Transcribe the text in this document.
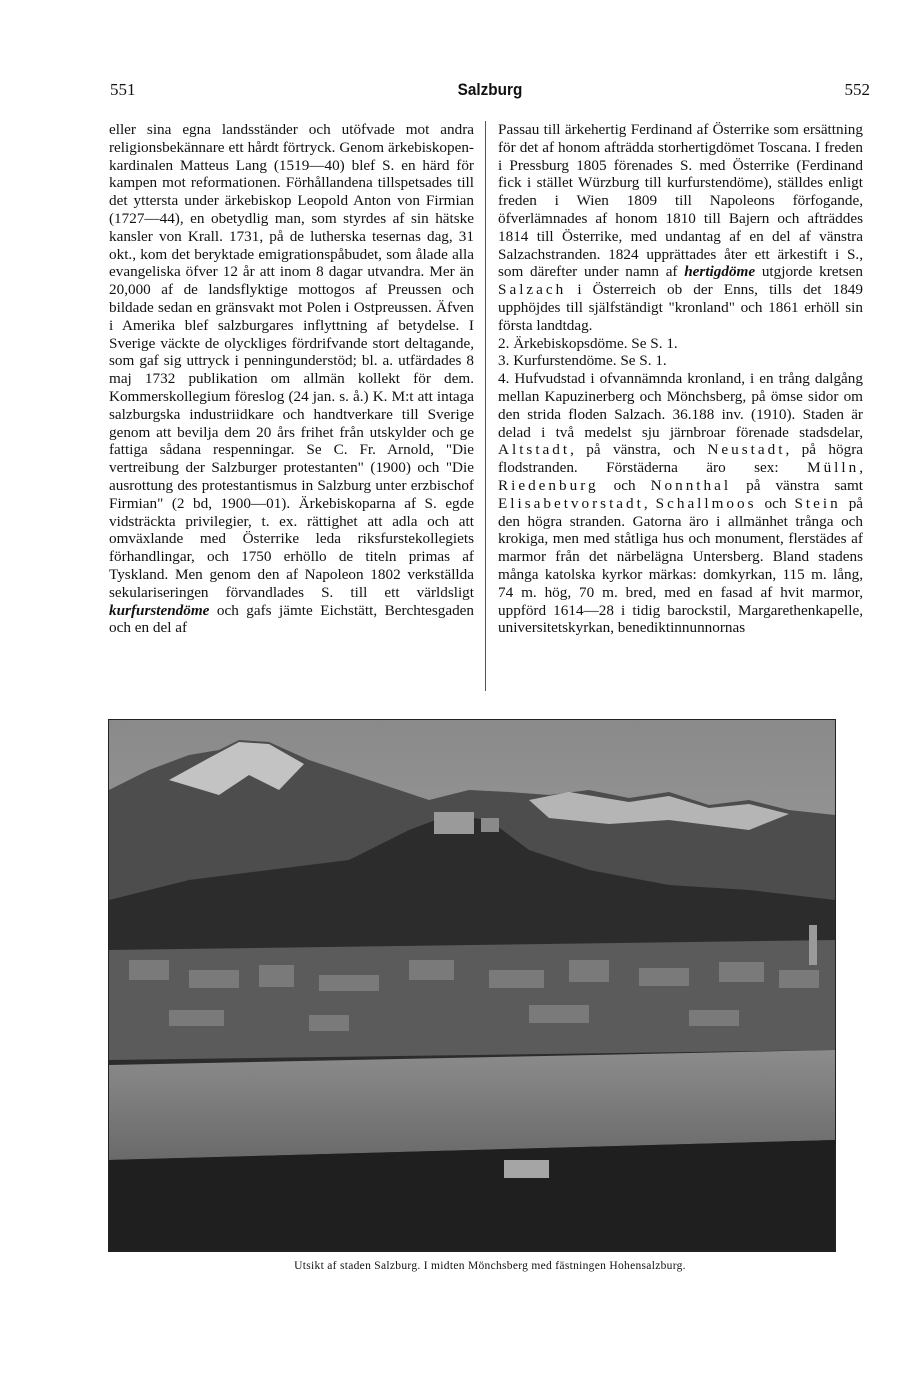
551	Salzburg	552

eller sina egna landsständer och utöfvade mot andra religionsbekännare ett hårdt förtryck. Genom ärkebiskopen-kardinalen Matteus Lang (1519—40) blef S. en härd för kampen mot reformationen. Förhållandena tillspetsades till det yttersta under ärkebiskop Leopold Anton von Firmian (1727—44), en obetydlig man, som styrdes af sin hätske kansler von Krall. 1731, på de lutherska tesernas dag, 31 okt., kom det beryktade emigrationspåbudet, som ålade alla evangeliska öfver 12 år att inom 8 dagar utvandra. Mer än 20,000 af de landsflyktige mottogos af Preussen och bildade sedan en gränsvakt mot Polen i Ostpreussen. Äfven i Amerika blef salzburgares inflyttning af betydelse. I Sverige väckte de olyckliges fördrifvande stort deltagande, som gaf sig uttryck i penningunderstöd; bl. a. utfärdades 8 maj 1732 publikation om allmän kollekt för dem. Kommerskollegium föreslog (24 jan. s. å.) K. M:t att intaga salzburgska industriidkare och handtverkare till Sverige genom att bevilja dem 20 års frihet från utskylder och ge fattiga sådana respenningar. Se C. Fr. Arnold, "Die vertreibung der Salzburger protestanten" (1900) och "Die ausrottung des protestantismus in Salzburg unter erzbischof Firmian" (2 bd, 1900—01). Ärkebiskoparna af S. egde vidsträckta privilegier, t. ex. rättighet att adla och att omväxlande med Österrike leda riksfurstekollegiets förhandlingar, och 1750 erhöllo de titeln primas af Tyskland. Men genom den af Napoleon 1802 verkställda sekulariseringen förvandlades S. till ett världsligt kurfurstendöme och gafs jämte Eichstätt, Berchtesgaden och en del af

Passau till ärkehertig Ferdinand af Österrike som ersättning för det af honom afträdda storhertigdömet Toscana. I freden i Pressburg 1805 förenades S. med Österrike (Ferdinand fick i stället Würzburg till kurfurstendöme), ställdes enligt freden i Wien 1809 till Napoleons förfogande, öfverlämnades af honom 1810 till Bajern och afträddes 1814 till Österrike, med undantag af en del af vänstra Salzachstranden. 1824 upprättades åter ett ärkestift i S., som därefter under namn af hertigdöme utgjorde kretsen Salzach i Österreich ob der Enns, tills det 1849 upphöjdes till själfständigt "kronland" och 1861 erhöll sin första landtdag.

2. Ärkebiskopsdöme. Se S. 1.

3. Kurfurstendöme. Se S. 1.

4. Hufvudstad i ofvannämnda kronland, i en trång dalgång mellan Kapuzinerberg och Mönchsberg, på ömse sidor om den strida floden Salzach. 36.188 inv. (1910). Staden är delad i två medelst sju järnbroar förenade stadsdelar, Altstadt, på vänstra, och Neustadt, på högra flodstranden. Förstäderna äro sex: Mülln, Riedenburg och Nonnthal på vänstra samt Elisabetvorstadt, Schallmoos och Stein på den högra stranden. Gatorna äro i allmänhet trånga och krokiga, men med ståtliga hus och monument, flerstädes af marmor från det närbelägna Untersberg. Bland stadens många katolska kyrkor märkas: domkyrkan, 115 m. lång, 74 m. hög, 70 m. bred, med en fasad af hvit marmor, uppförd 1614—28 i tidig barockstil, Margarethenkapelle, universitetskyrkan, benediktinnunnornas

Utsikt af staden Salzburg. I midten Mönchsberg med fästningen Hohensalzburg.
